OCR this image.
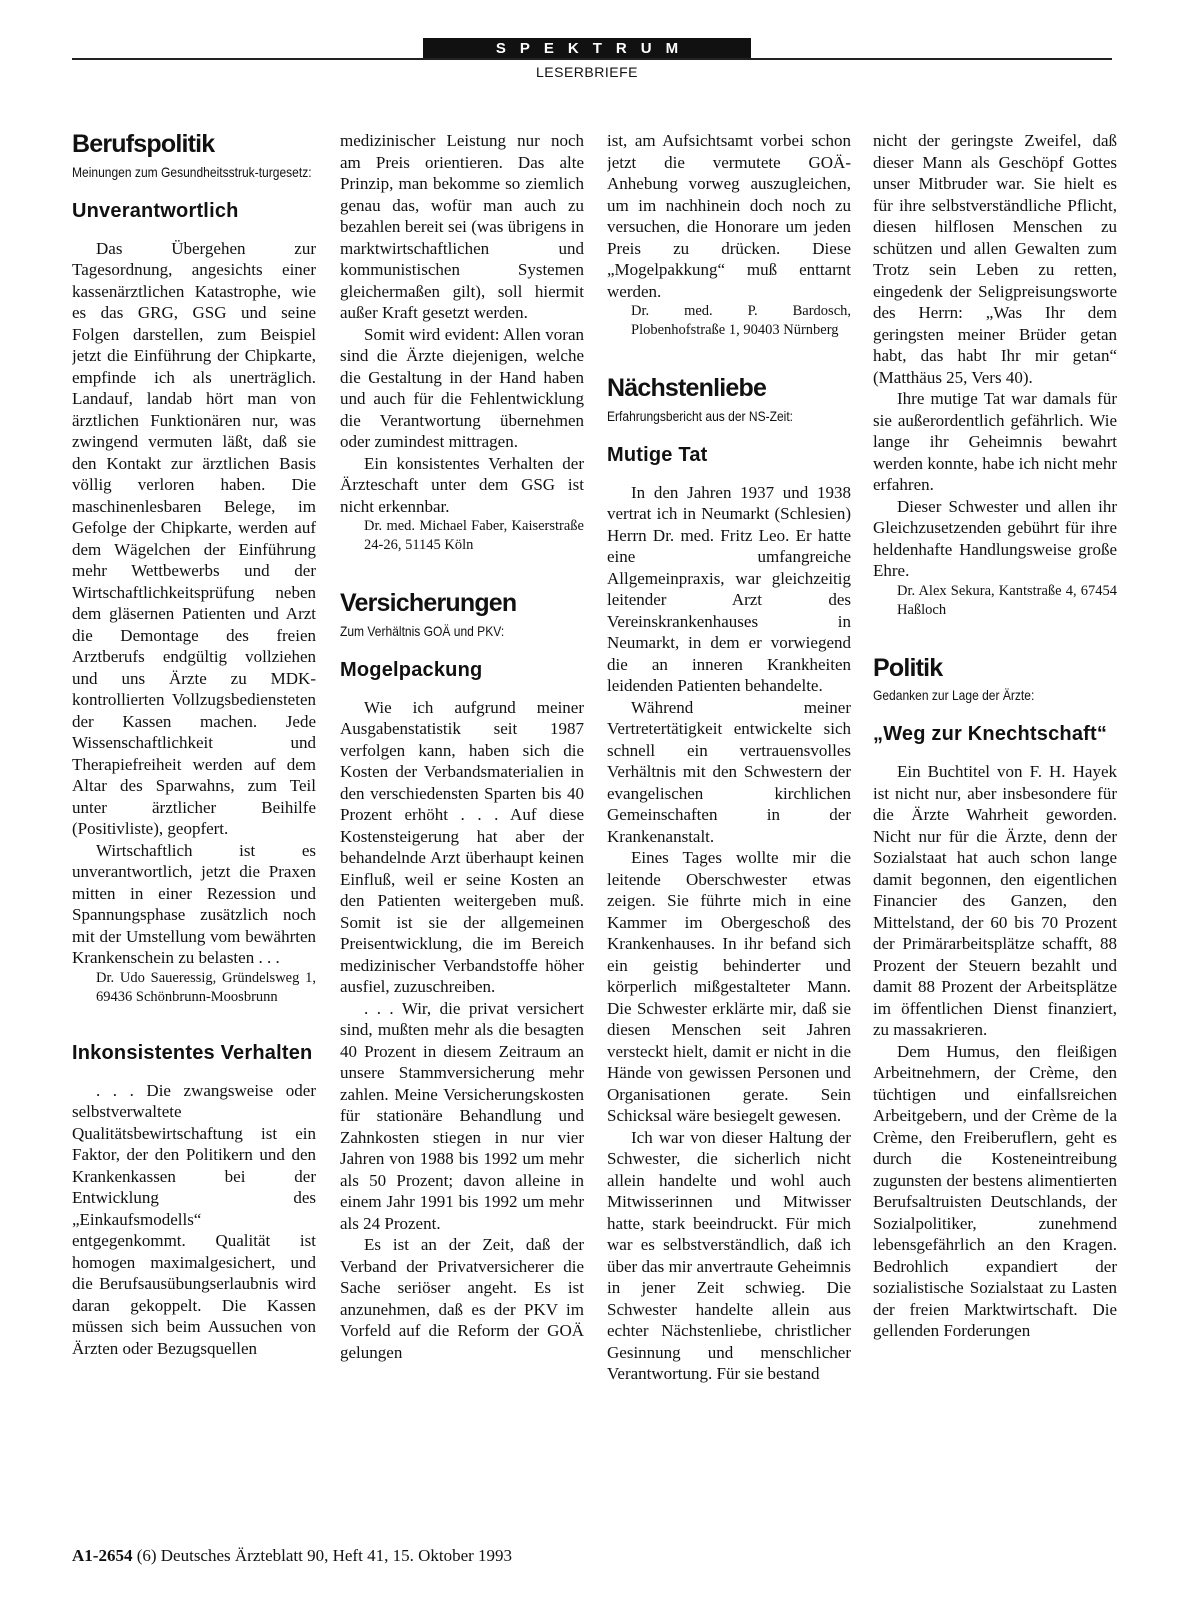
SPEKTRUM
LESERBRIEFE
Berufspolitik
Meinungen zum Gesundheitsstruk-turgesetz:
Unverantwortlich

Das Übergehen zur Tagesordnung, angesichts einer kassenärztlichen Katastrophe, wie es das GRG, GSG und seine Folgen darstellen, zum Beispiel jetzt die Einführung der Chipkarte, empfinde ich als unerträglich. Landauf, landab hört man von ärztlichen Funktionären nur, was zwingend vermuten läßt, daß sie den Kontakt zur ärztlichen Basis völlig verloren haben. Die maschinenlesbaren Belege, im Gefolge der Chipkarte, werden auf dem Wägelchen der Einführung mehr Wettbewerbs und der Wirtschaftlichkeitsprüfung neben dem gläsernen Patienten und Arzt die Demontage des freien Arztberufs endgültig vollziehen und uns Ärzte zu MDK-kontrollierten Vollzugsbediensteten der Kassen machen. Jede Wissenschaftlichkeit und Therapiefreiheit werden auf dem Altar des Sparwahns, zum Teil unter ärztlicher Beihilfe (Positivliste), geopfert.

Wirtschaftlich ist es unverantwortlich, jetzt die Praxen mitten in einer Rezession und Spannungsphase zusätzlich noch mit der Umstellung vom bewährten Krankenschein zu belasten . . .

Dr. Udo Saueressig, Gründelsweg 1, 69436 Schönbrunn-Moosbrunn

Inkonsistentes Verhalten

. . . Die zwangsweise oder selbstverwaltete Qualitätsbewirtschaftung ist ein Faktor, der den Politikern und den Krankenkassen bei der Entwicklung des „Einkaufsmodells“ entgegenkommt. Qualität ist homogen maximalgesichert, und die Berufsausübungserlaubnis wird daran gekoppelt. Die Kassen müssen sich beim Aussuchen von Ärzten oder Bezugsquellen

medizinischer Leistung nur noch am Preis orientieren. Das alte Prinzip, man bekomme so ziemlich genau das, wofür man auch zu bezahlen bereit sei (was übrigens in marktwirtschaftlichen und kommunistischen Systemen gleichermaßen gilt), soll hiermit außer Kraft gesetzt werden.

Somit wird evident: Allen voran sind die Ärzte diejenigen, welche die Gestaltung in der Hand haben und auch für die Fehlentwicklung die Verantwortung übernehmen oder zumindest mittragen.

Ein konsistentes Verhalten der Ärzteschaft unter dem GSG ist nicht erkennbar.

Dr. med. Michael Faber, Kaiserstraße 24-26, 51145 Köln

Versicherungen
Zum Verhältnis GOÄ und PKV:
Mogelpackung

Wie ich aufgrund meiner Ausgabenstatistik seit 1987 verfolgen kann, haben sich die Kosten der Verbandsmaterialien in den verschiedensten Sparten bis 40 Prozent erhöht . . . Auf diese Kostensteigerung hat aber der behandelnde Arzt überhaupt keinen Einfluß, weil er seine Kosten an den Patienten weitergeben muß. Somit ist sie der allgemeinen Preisentwicklung, die im Bereich medizinischer Verbandstoffe höher ausfiel, zuzuschreiben.

. . . Wir, die privat versichert sind, mußten mehr als die besagten 40 Prozent in diesem Zeitraum an unsere Stammversicherung mehr zahlen. Meine Versicherungskosten für stationäre Behandlung und Zahnkosten stiegen in nur vier Jahren von 1988 bis 1992 um mehr als 50 Prozent; davon alleine in einem Jahr 1991 bis 1992 um mehr als 24 Prozent.

Es ist an der Zeit, daß der Verband der Privatversicherer die Sache seriöser angeht. Es ist anzunehmen, daß es der PKV im Vorfeld auf die Reform der GOÄ gelungen

ist, am Aufsichtsamt vorbei schon jetzt die vermutete GOÄ-Anhebung vorweg auszugleichen, um im nachhinein doch noch zu versuchen, die Honorare um jeden Preis zu drücken. Diese „Mogelpakkung“ muß enttarnt werden.

Dr. med. P. Bardosch, Plobenhofstraße 1, 90403 Nürnberg

Nächstenliebe
Erfahrungsbericht aus der NS-Zeit:
Mutige Tat

In den Jahren 1937 und 1938 vertrat ich in Neumarkt (Schlesien) Herrn Dr. med. Fritz Leo. Er hatte eine umfangreiche Allgemeinpraxis, war gleichzeitig leitender Arzt des Vereinskrankenhauses in Neumarkt, in dem er vorwiegend die an inneren Krankheiten leidenden Patienten behandelte.

Während meiner Vertretertätigkeit entwickelte sich schnell ein vertrauensvolles Verhältnis mit den Schwestern der evangelischen kirchlichen Gemeinschaften in der Krankenanstalt.

Eines Tages wollte mir die leitende Oberschwester etwas zeigen. Sie führte mich in eine Kammer im Obergeschoß des Krankenhauses. In ihr befand sich ein geistig behinderter und körperlich mißgestalteter Mann. Die Schwester erklärte mir, daß sie diesen Menschen seit Jahren versteckt hielt, damit er nicht in die Hände von gewissen Personen und Organisationen gerate. Sein Schicksal wäre besiegelt gewesen.

Ich war von dieser Haltung der Schwester, die sicherlich nicht allein handelte und wohl auch Mitwisserinnen und Mitwisser hatte, stark beeindruckt. Für mich war es selbstverständlich, daß ich über das mir anvertraute Geheimnis in jener Zeit schwieg. Die Schwester handelte allein aus echter Nächstenliebe, christlicher Gesinnung und menschlicher Verantwortung. Für sie bestand

nicht der geringste Zweifel, daß dieser Mann als Geschöpf Gottes unser Mitbruder war. Sie hielt es für ihre selbstverständliche Pflicht, diesen hilflosen Menschen zu schützen und allen Gewalten zum Trotz sein Leben zu retten, eingedenk der Seligpreisungsworte des Herrn: „Was Ihr dem geringsten meiner Brüder getan habt, das habt Ihr mir getan“ (Matthäus 25, Vers 40).

Ihre mutige Tat war damals für sie außerordentlich gefährlich. Wie lange ihr Geheimnis bewahrt werden konnte, habe ich nicht mehr erfahren.

Dieser Schwester und allen ihr Gleichzusetzenden gebührt für ihre heldenhafte Handlungsweise große Ehre.

Dr. Alex Sekura, Kantstraße 4, 67454 Haßloch

Politik
Gedanken zur Lage der Ärzte:
„Weg zur Knechtschaft“

Ein Buchtitel von F. H. Hayek ist nicht nur, aber insbesondere für die Ärzte Wahrheit geworden. Nicht nur für die Ärzte, denn der Sozialstaat hat auch schon lange damit begonnen, den eigentlichen Financier des Ganzen, den Mittelstand, der 60 bis 70 Prozent der Primärarbeitsplätze schafft, 88 Prozent der Steuern bezahlt und damit 88 Prozent der Arbeitsplätze im öffentlichen Dienst finanziert, zu massakrieren.

Dem Humus, den fleißigen Arbeitnehmern, der Crème, den tüchtigen und einfallsreichen Arbeitgebern, und der Crème de la Crème, den Freiberuflern, geht es durch die Kosteneintreibung zugunsten der bestens alimentierten Berufsaltruisten Deutschlands, der Sozialpolitiker, zunehmend lebensgefährlich an den Kragen. Bedrohlich expandiert der sozialistische Sozialstaat zu Lasten der freien Marktwirtschaft. Die gellenden Forderungen

A1-2654 (6) Deutsches Ärzteblatt 90, Heft 41, 15. Oktober 1993
